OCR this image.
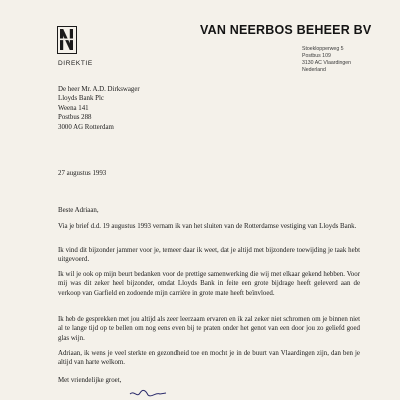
DIREKTIE
VAN NEERBOS BEHEER BV
Stoeklopperweg 5
Postbus 109
3130 AC Vlaardingen
Nederland
De heer Mr. A.D. Dirkswager
Lloyds Bank Plc
Weena 141
Postbus 288
3000 AG Rotterdam
27 augustus 1993
Beste Adriaan,
Via je brief d.d. 19 augustus 1993 vernam ik van het sluiten van de Rotterdamse vestiging van Lloyds Bank.
Ik vind dit bijzonder jammer voor je, temeer daar ik weet, dat je altijd met bijzondere toewijding je taak hebt uitgevoerd.
Ik wil je ook op mijn beurt bedanken voor de prettige samenwerking die wij met elkaar gekend hebben. Voor mij was dit zeker heel bijzonder, omdat Lloyds Bank in feite een grote bijdrage heeft geleverd aan de verkoop van Garfield en zodoende mijn carrière in grote mate heeft beïnvloed.
Ik heb de gesprekken met jou altijd als zeer leerzaam ervaren en ik zal zeker niet schromen om je binnen niet al te lange tijd op te bellen om nog eens even bij te praten onder het genot van een door jou zo geliefd goed glas wijn.
Adriaan, ik wens je veel sterkte en gezondheid toe en mocht je in de buurt van Vlaardingen zijn, dan ben je altijd van harte welkom.
Met vriendelijke groet,
